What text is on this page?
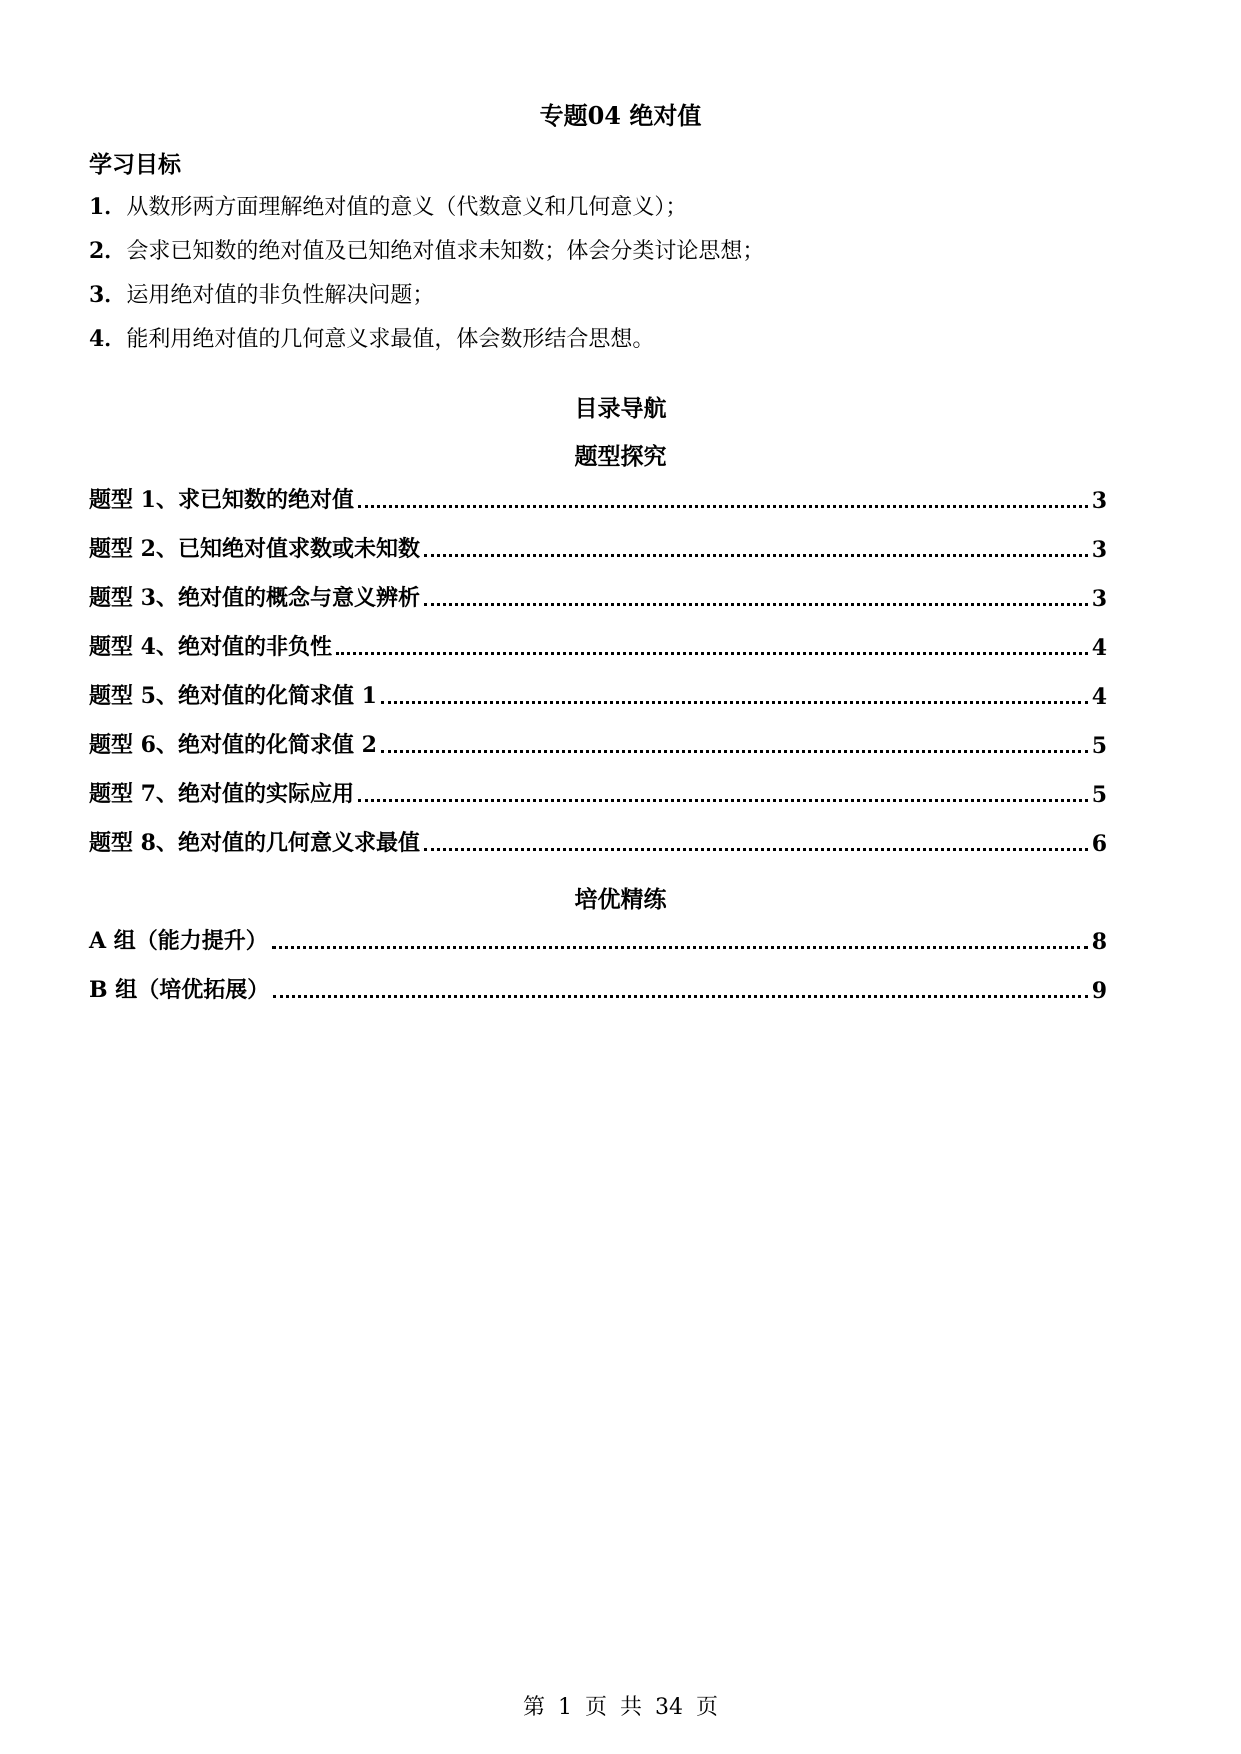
专题04 绝对值
学习目标
1．从数形两方面理解绝对值的意义（代数意义和几何意义）；
2．会求已知数的绝对值及已知绝对值求未知数；体会分类讨论思想；
3．运用绝对值的非负性解决问题；
4．能利用绝对值的几何意义求最值，体会数形结合思想。
目录导航
题型探究
题型 1、求已知数的绝对值	3
题型 2、已知绝对值求数或未知数	3
题型 3、绝对值的概念与意义辨析	3
题型 4、绝对值的非负性	4
题型 5、绝对值的化简求值 1	4
题型 6、绝对值的化简求值 2	5
题型 7、绝对值的实际应用	5
题型 8、绝对值的几何意义求最值	6
培优精练
A 组（能力提升）	8
B 组（培优拓展）	9
第 1 页 共 34 页
